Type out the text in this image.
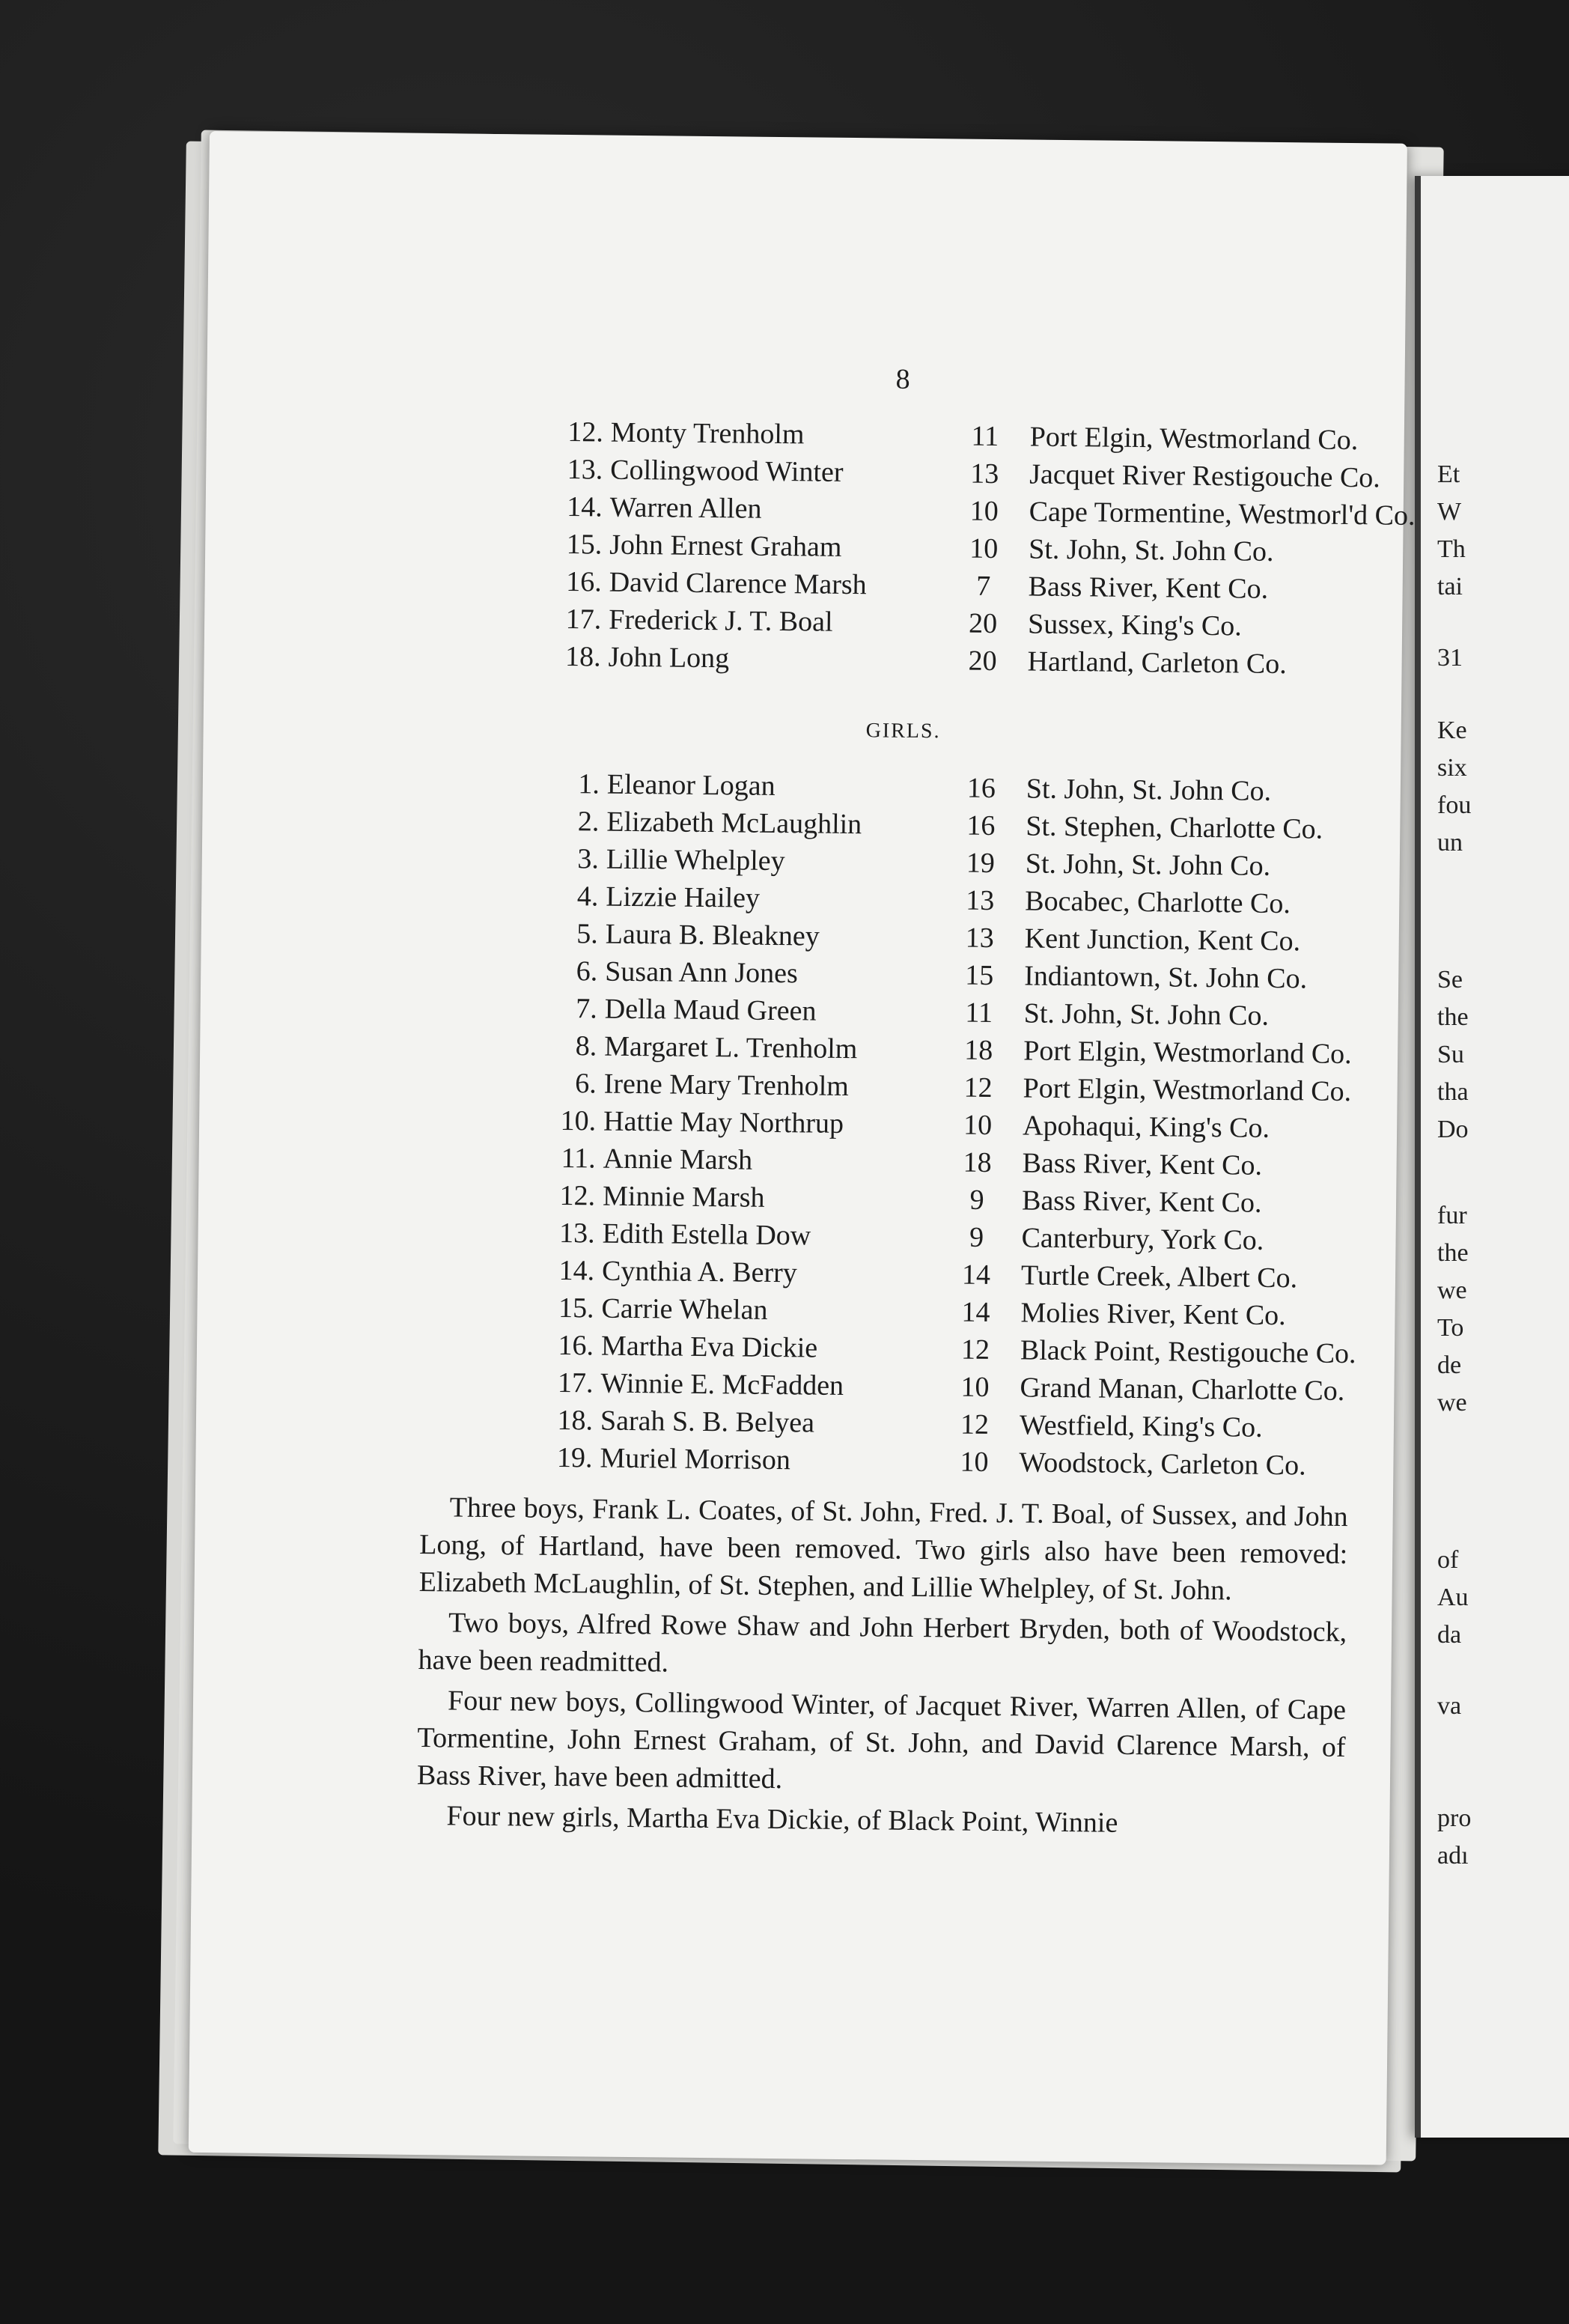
Et
W
Th
tai
31
Ke
six
fou
un
Se
the
Su
tha
Do
fur
the
we
To
de
we
of
Au
da
va
pro
adı
8
12. Monty Trenholm	11	Port Elgin, Westmorland Co.
13. Collingwood Winter	13	Jacquet River Restigouche Co.
14. Warren Allen	10	Cape Tormentine, Westmorl'd Co.
15. John Ernest Graham	10	St. John, St. John Co.
16. David Clarence Marsh	7	Bass River, Kent Co.
17. Frederick J. T. Boal	20	Sussex, King's Co.
18. John Long	20	Hartland, Carleton Co.
GIRLS.
1. Eleanor Logan	16	St. John, St. John Co.
2. Elizabeth McLaughlin	16	St. Stephen, Charlotte Co.
3. Lillie Whelpley	19	St. John, St. John Co.
4. Lizzie Hailey	13	Bocabec, Charlotte Co.
5. Laura B. Bleakney	13	Kent Junction, Kent Co.
6. Susan Ann Jones	15	Indiantown, St. John Co.
7. Della Maud Green	11	St. John, St. John Co.
8. Margaret L. Trenholm	18	Port Elgin, Westmorland Co.
6. Irene Mary Trenholm	12	Port Elgin, Westmorland Co.
10. Hattie May Northrup	10	Apohaqui, King's Co.
11. Annie Marsh	18	Bass River, Kent Co.
12. Minnie Marsh	9	Bass River, Kent Co.
13. Edith Estella Dow	9	Canterbury, York Co.
14. Cynthia A. Berry	14	Turtle Creek, Albert Co.
15. Carrie Whelan	14	Molies River, Kent Co.
16. Martha Eva Dickie	12	Black Point, Restigouche Co.
17. Winnie E. McFadden	10	Grand Manan, Charlotte Co.
18. Sarah S. B. Belyea	12	Westfield, King's Co.
19. Muriel Morrison	10	Woodstock, Carleton Co.

Three boys, Frank L. Coates, of St. John, Fred. J. T. Boal, of Sussex, and John Long, of Hartland, have been removed. Two girls also have been removed: Elizabeth McLaughlin, of St. Stephen, and Lillie Whelpley, of St. John.

Two boys, Alfred Rowe Shaw and John Herbert Bryden, both of Woodstock, have been readmitted.

Four new boys, Collingwood Winter, of Jacquet River, Warren Allen, of Cape Tormentine, John Ernest Graham, of St. John, and David Clarence Marsh, of Bass River, have been admitted.

Four new girls, Martha Eva Dickie, of Black Point, Winnie
